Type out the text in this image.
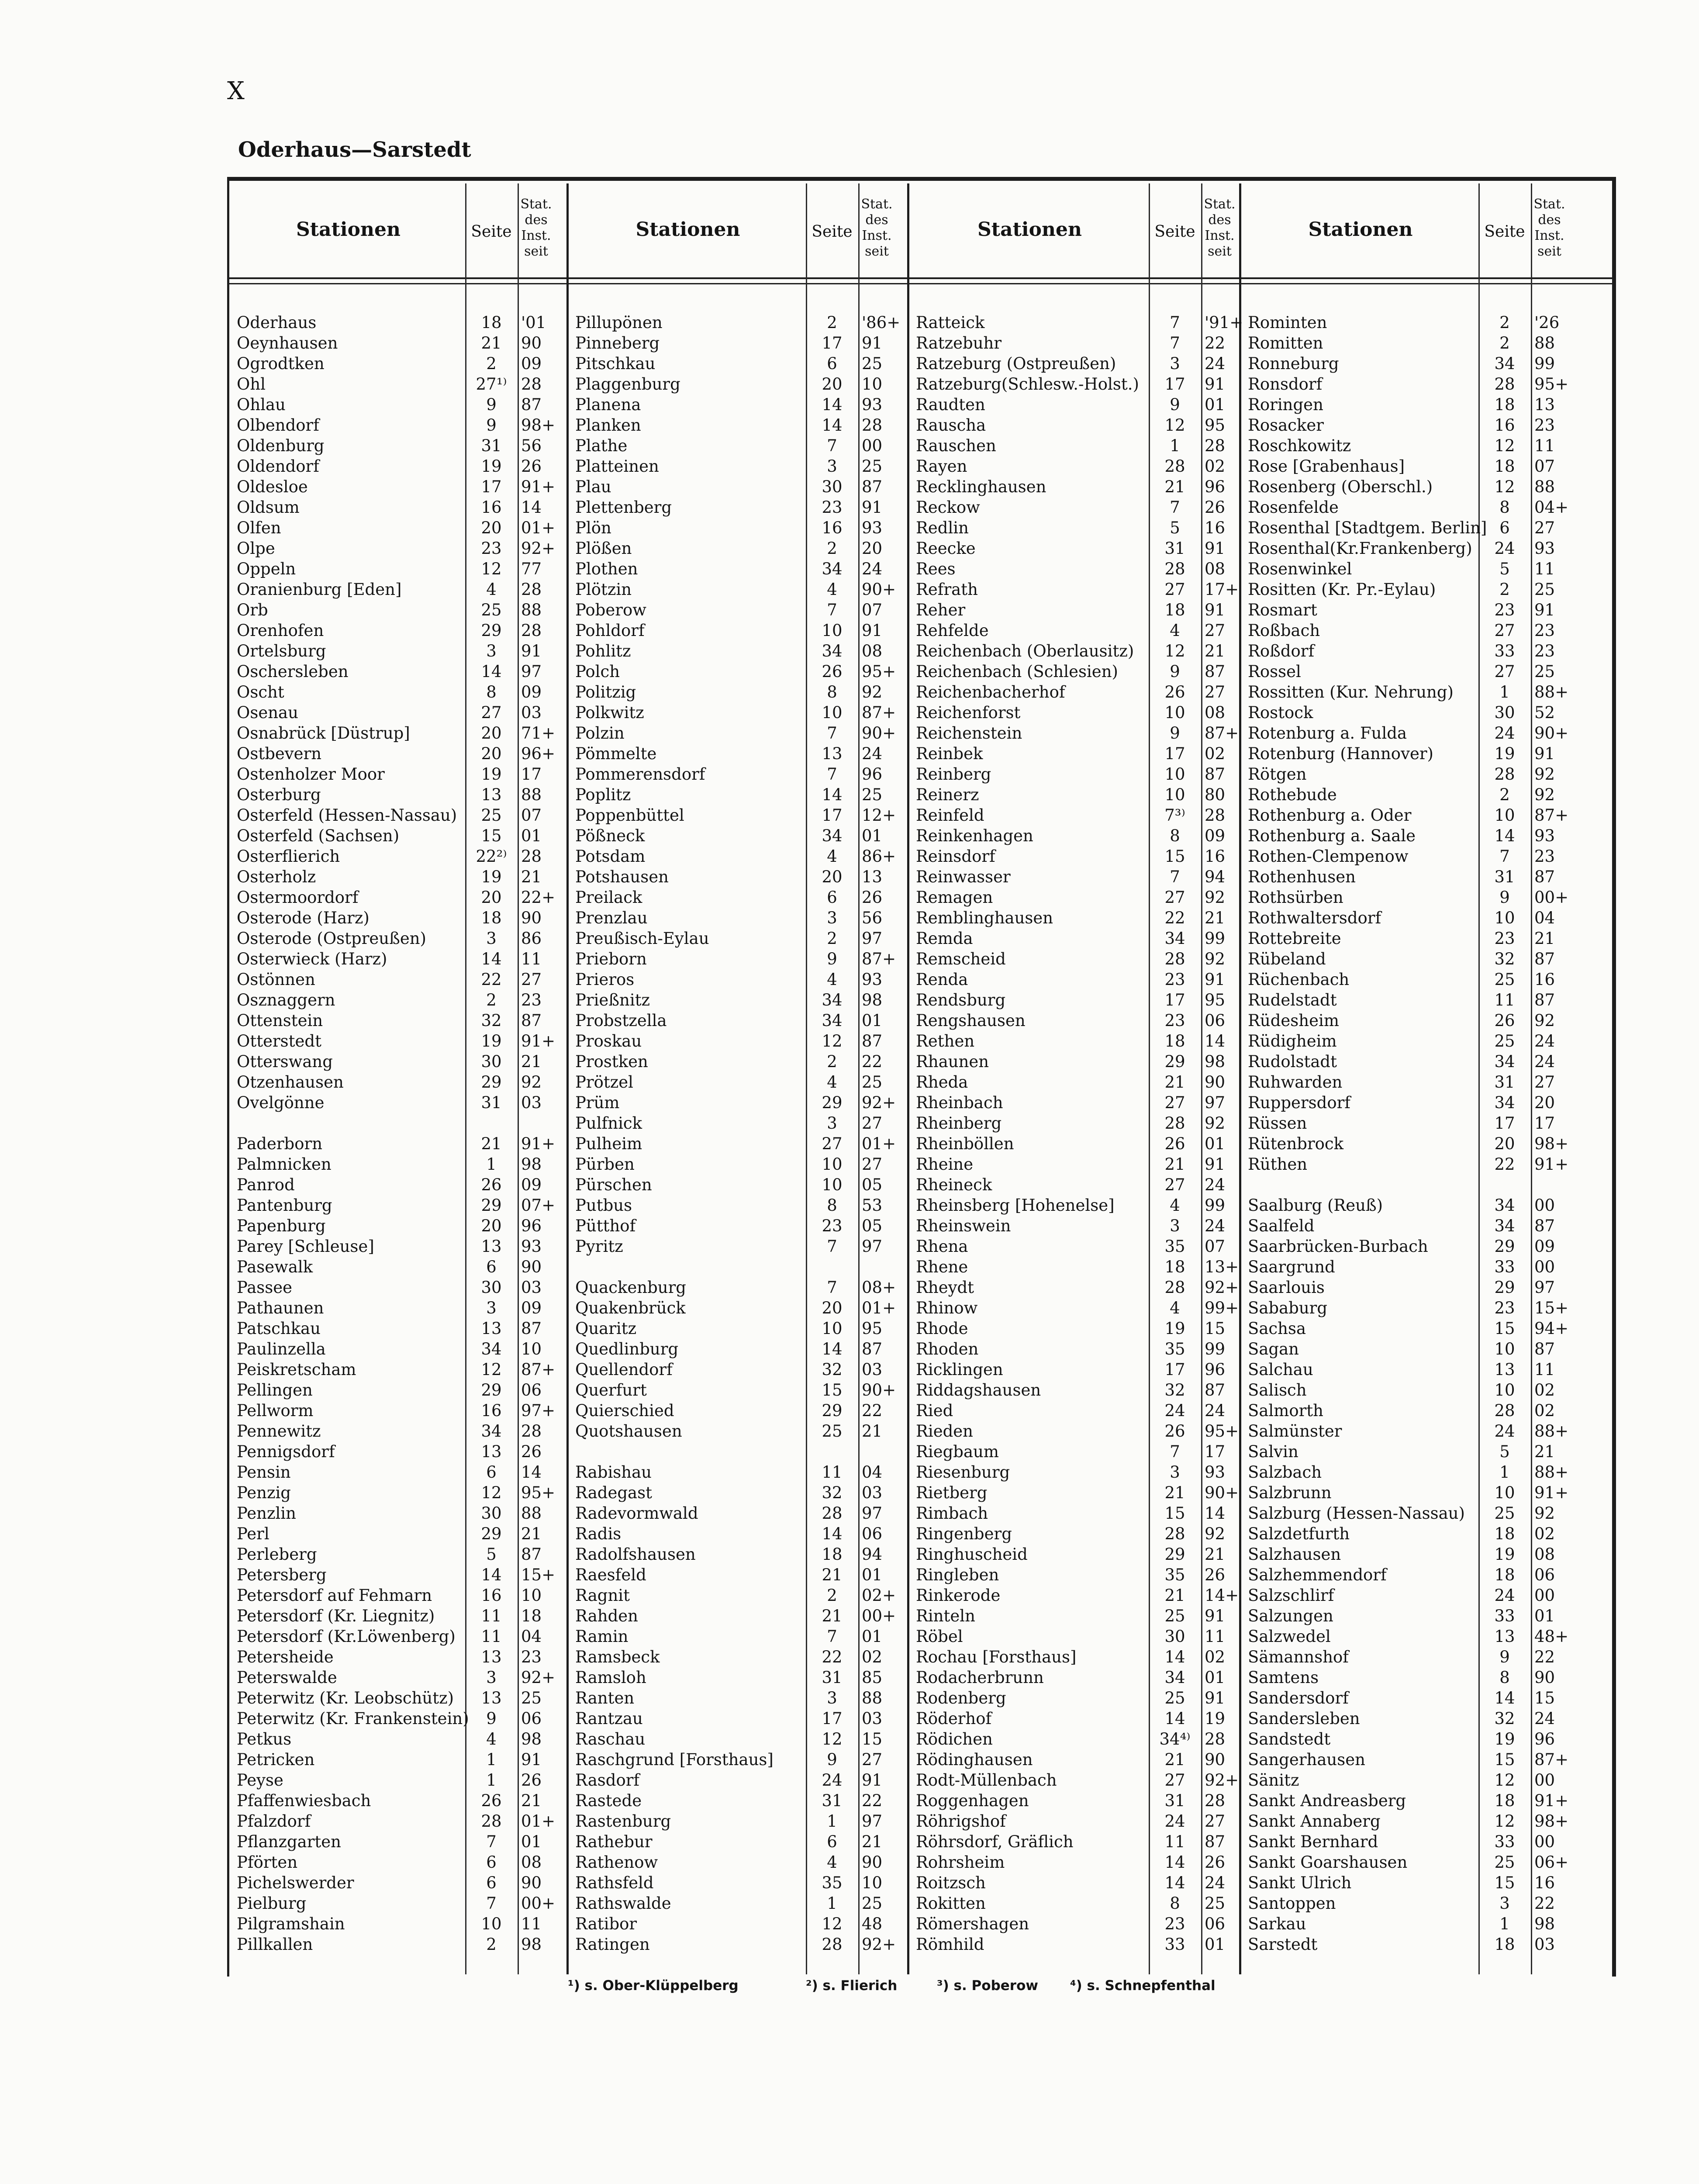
X
Oderhaus—Sarstedt
Stationen	Seite
Stat.
des
Inst.
seit
Stationen	Seite
Stat.
des
Inst.
seit
Stationen	Seite
Stat.
des
Inst.
seit
Stationen	Seite
Stat.
des
Inst.
seit
Oderhaus	18	'01
Oeynhausen	21	90
Ogrodtken	2	09
Ohl	27¹⁾ 28
Ohlau	9	87
Olbendorf	9	98+
Oldenburg	31	56
Oldendorf	19	26
Oldesloe	17	91+
Oldsum	16	14
Olfen	20	01+
Olpe	23	92+
Oppeln	12	77
Oranienburg [Eden]	4	28
Orb	25	88
Orenhofen	29	28
Ortelsburg	3	91
Oschersleben	14	97
Oscht	8	09
Osenau	27	03
Osnabrück [Düstrup]	20	71+
Ostbevern	20	96+
Ostenholzer Moor	19	17
Osterburg	13	88
Osterfeld (Hessen-Nassau)	25	07
Osterfeld (Sachsen)	15	01
Osterflierich	22²⁾ 28
Osterholz	19	21
Ostermoordorf	20	22+
Osterode (Harz)	18	90
Osterode (Ostpreußen)	3	86
Osterwieck (Harz)	14	11
Ostönnen	22	27
Osznaggern	2	23
Ottenstein	32	87
Otterstedt	19	91+
Otterswang	30	21
Otzenhausen	29	92
Ovelgönne	31	03
Paderborn	21	91+
Palmnicken	1	98
Panrod	26	09
Pantenburg	29	07+
Papenburg	20	96
Parey [Schleuse]	13	93
Pasewalk	6	90
Passee	30	03
Pathaunen	3	09
Patschkau	13	87
Paulinzella	34	10
Peiskretscham	12	87+
Pellingen	29	06
Pellworm	16	97+
Pennewitz	34	28
Pennigsdorf	13	26
Pensin	6	14
Penzig	12	95+
Penzlin	30	88
Perl	29	21
Perleberg	5	87
Petersberg	14	15+
Petersdorf auf Fehmarn	16	10
Petersdorf (Kr. Liegnitz)	11	18
Petersdorf (Kr.Löwenberg)	11	04
Petersheide	13	23
Peterswalde	3	92+
Peterwitz (Kr. Leobschütz)	13	25
Peterwitz (Kr. Frankenstein)	9	06
Petkus	4	98
Petricken	1	91
Peyse	1	26
Pfaffenwiesbach	26	21
Pfalzdorf	28	01+
Pflanzgarten	7	01
Pförten	6	08
Pichelswerder	6	90
Pielburg	7	00+
Pilgramshain	10	11
Pillkallen	2	98
Pillupönen	2	'86+
Pinneberg	17	91
Pitschkau	6	25
Plaggenburg	20	10
Planena	14	93
Planken	14	28
Plathe	7	00
Platteinen	3	25
Plau	30	87
Plettenberg	23	91
Plön	16	93
Plößen	2	20
Plothen	34	24
Plötzin	4	90+
Poberow	7	07
Pohldorf	10	91
Pohlitz	34	08
Polch	26	95+
Politzig	8	92
Polkwitz	10	87+
Polzin	7	90+
Pömmelte	13	24
Pommerensdorf	7	96
Poplitz	14	25
Poppenbüttel	17	12+
Pößneck	34	01
Potsdam	4	86+
Potshausen	20	13
Preilack	6	26
Prenzlau	3	56
Preußisch-Eylau	2	97
Prieborn	9	87+
Prieros	4	93
Prießnitz	34	98
Probstzella	34	01
Proskau	12	87
Prostken	2	22
Prötzel	4	25
Prüm	29	92+
Pulfnick	3	27
Pulheim	27	01+
Pürben	10	27
Pürschen	10	05
Putbus	8	53
Pütthof	23	05
Pyritz	7	97
Quackenburg	7	08+
Quakenbrück	20	01+
Quaritz	10	95
Quedlinburg	14	87
Quellendorf	32	03
Querfurt	15	90+
Quierschied	29	22
Quotshausen	25	21
Rabishau	11	04
Radegast	32	03
Radevormwald	28	97
Radis	14	06
Radolfshausen	18	94
Raesfeld	21	01
Ragnit	2	02+
Rahden	21	00+
Ramin	7	01
Ramsbeck	22	02
Ramsloh	31	85
Ranten	3	88
Rantzau	17	03
Raschau	12	15
Raschgrund [Forsthaus]	9	27
Rasdorf	24	91
Rastede	31	22
Rastenburg	1	97
Rathebur	6	21
Rathenow	4	90
Rathsfeld	35	10
Rathswalde	1	25
Ratibor	12	48
Ratingen	28	92+
Ratteick	7	'91+
Ratzebuhr	7	22
Ratzeburg (Ostpreußen)	3	24
Ratzeburg(Schlesw.-Holst.)	17	91
Raudten	9	01
Rauscha	12	95
Rauschen	1	28
Rayen	28	02
Recklinghausen	21	96
Reckow	7	26
Redlin	5	16
Reecke	31	91
Rees	28	08
Refrath	27	17+
Reher	18	91
Rehfelde	4	27
Reichenbach (Oberlausitz)	12	21
Reichenbach (Schlesien)	9	87
Reichenbacherhof	26	27
Reichenforst	10	08
Reichenstein	9	87+
Reinbek	17	02
Reinberg	10	87
Reinerz	10	80
Reinfeld	7³⁾	28
Reinkenhagen	8	09
Reinsdorf	15	16
Reinwasser	7	94
Remagen	27	92
Remblinghausen	22	21
Remda	34	99
Remscheid	28	92
Renda	23	91
Rendsburg	17	95
Rengshausen	23	06
Rethen	18	14
Rhaunen	29	98
Rheda	21	90
Rheinbach	27	97
Rheinberg	28	92
Rheinböllen	26	01
Rheine	21	91
Rheineck	27	24
Rheinsberg [Hohenelse]	4	99
Rheinswein	3	24
Rhena	35	07
Rhene	18	13+
Rheydt	28	92+
Rhinow	4	99+
Rhode	19	15
Rhoden	35	99
Ricklingen	17	96
Riddagshausen	32	87
Ried	24	24
Rieden	26	95+
Riegbaum	7	17
Riesenburg	3	93
Rietberg	21	90+
Rimbach	15	14
Ringenberg	28	92
Ringhuscheid	29	21
Ringleben	35	26
Rinkerode	21	14+
Rinteln	25	91
Röbel	30	11
Rochau [Forsthaus]	14	02
Rodacherbrunn	34	01
Rodenberg	25	91
Röderhof	14	19
Rödichen	34⁴⁾ 28
Rödinghausen	21	90
Rodt-Müllenbach	27	92+
Roggenhagen	31	28
Röhrigshof	24	27
Röhrsdorf, Gräflich	11	87
Rohrsheim	14	26
Roitzsch	14	24
Rokitten	8	25
Römershagen	23	06
Römhild	33	01
Rominten	2	'26
Romitten	2	88
Ronneburg	34	99
Ronsdorf	28	95+
Roringen	18	13
Rosacker	16	23
Roschkowitz	12	11
Rose [Grabenhaus]	18	07
Rosenberg (Oberschl.)	12	88
Rosenfelde	8	04+
Rosenthal [Stadtgem. Berlin] 6	27
Rosenthal(Kr.Frankenberg)	24	93
Rosenwinkel	5	11
Rositten (Kr. Pr.-Eylau)	2	25
Rosmart	23	91
Roßbach	27	23
Roßdorf	33	23
Rossel	27	25
Rossitten (Kur. Nehrung)	1	88+
Rostock	30	52
Rotenburg a. Fulda	24	90+
Rotenburg (Hannover)	19	91
Rötgen	28	92
Rothebude	2	92
Rothenburg a. Oder	10	87+
Rothenburg a. Saale	14	93
Rothen-Clempenow	7	23
Rothenhusen	31	87
Rothsürben	9	00+
Rothwaltersdorf	10	04
Rottebreite	23	21
Rübeland	32	87
Rüchenbach	25	16
Rudelstadt	11	87
Rüdesheim	26	92
Rüdigheim	25	24
Rudolstadt	34	24
Ruhwarden	31	27
Ruppersdorf	34	20
Rüssen	17	17
Rütenbrock	20	98+
Rüthen	22	91+
Saalburg (Reuß)	34	00
Saalfeld	34	87
Saarbrücken-Burbach	29	09
Saargrund	33	00
Saarlouis	29	97
Sababurg	23	15+
Sachsa	15	94+
Sagan	10	87
Salchau	13	11
Salisch	10	02
Salmorth	28	02
Salmünster	24	88+
Salvin	5	21
Salzbach	1	88+
Salzbrunn	10	91+
Salzburg (Hessen-Nassau)	25	92
Salzdetfurth	18	02
Salzhausen	19	08
Salzhemmendorf	18	06
Salzschlirf	24	00
Salzungen	33	01
Salzwedel	13	48+
Sämannshof	9	22
Samtens	8	90
Sandersdorf	14	15
Sandersleben	32	24
Sandstedt	19	96
Sangerhausen	15	87+
Sänitz	12	00
Sankt Andreasberg	18	91+
Sankt Annaberg	12	98+
Sankt Bernhard	33	00
Sankt Goarshausen	25	06+
Sankt Ulrich	15	16
Santoppen	3	22
Sarkau	1	98
Sarstedt	18	03
¹) s. Ober-Klüppelberg	²) s. Flierich	³) s. Poberow ⁴) s. Schnepfenthal
